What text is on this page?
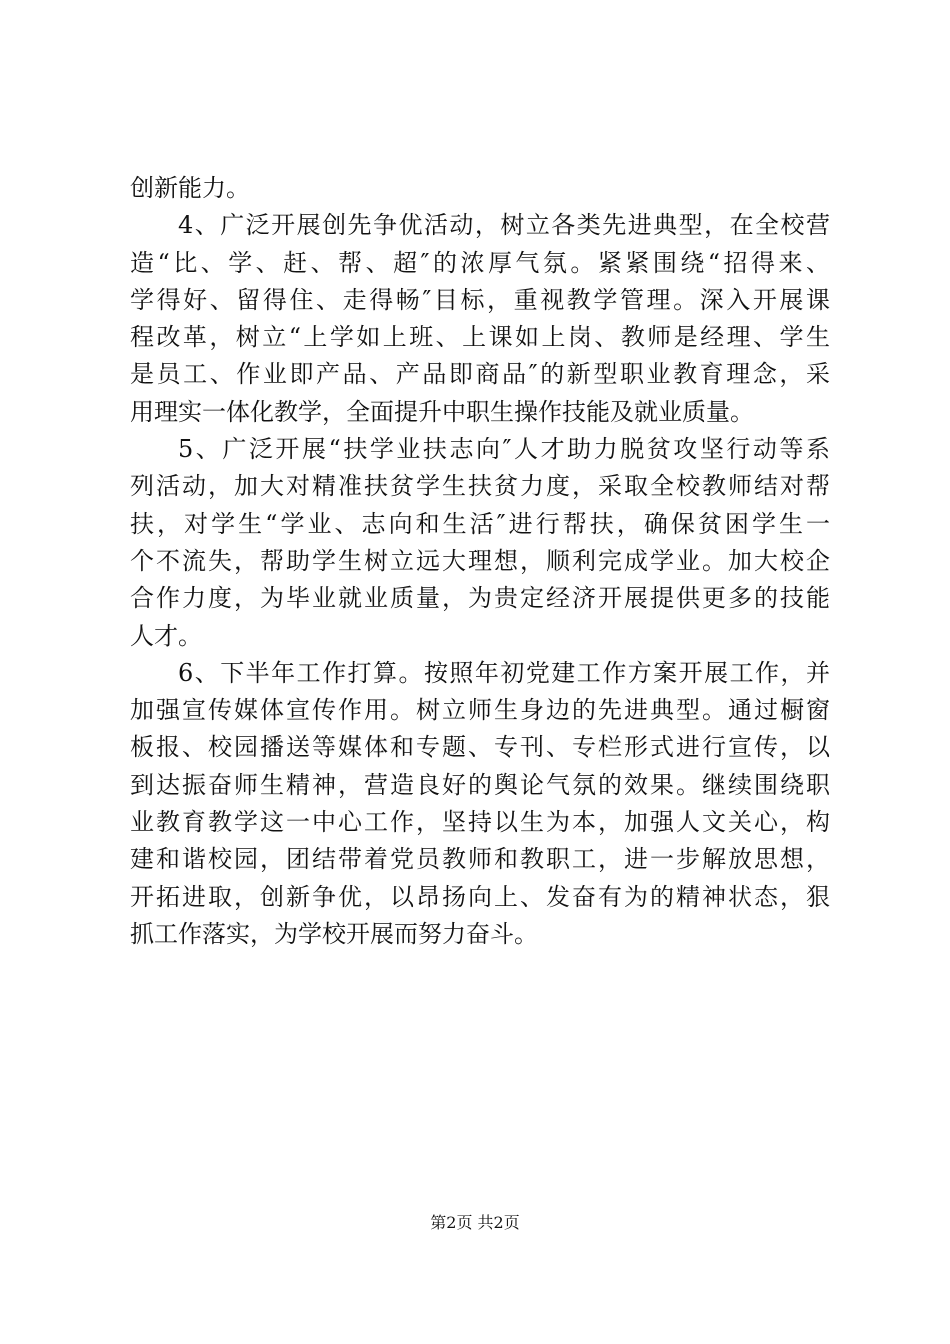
创新能力。
4、广泛开展创先争优活动，树立各类先进典型，在全校营
造“比、学、赶、帮、超″的浓厚气氛。紧紧围绕“招得来、
学得好、留得住、走得畅″目标，重视教学管理。深入开展课
程改革，树立“上学如上班、上课如上岗、教师是经理、学生
是员工、作业即产品、产品即商品″的新型职业教育理念，采
用理实一体化教学，全面提升中职生操作技能及就业质量。
5、广泛开展“扶学业扶志向″人才助力脱贫攻坚行动等系
列活动，加大对精准扶贫学生扶贫力度，采取全校教师结对帮
扶，对学生“学业、志向和生活″进行帮扶，确保贫困学生一
个不流失，帮助学生树立远大理想，顺利完成学业。加大校企
合作力度，为毕业就业质量，为贵定经济开展提供更多的技能
人才。
6、下半年工作打算。按照年初党建工作方案开展工作，并
加强宣传媒体宣传作用。树立师生身边的先进典型。通过橱窗
板报、校园播送等媒体和专题、专刊、专栏形式进行宣传，以
到达振奋师生精神，营造良好的舆论气氛的效果。继续围绕职
业教育教学这一中心工作，坚持以生为本，加强人文关心，构
建和谐校园，团结带着党员教师和教职工，进一步解放思想，
开拓进取，创新争优，以昂扬向上、发奋有为的精神状态，狠
抓工作落实，为学校开展而努力奋斗。
第2页 共2页
